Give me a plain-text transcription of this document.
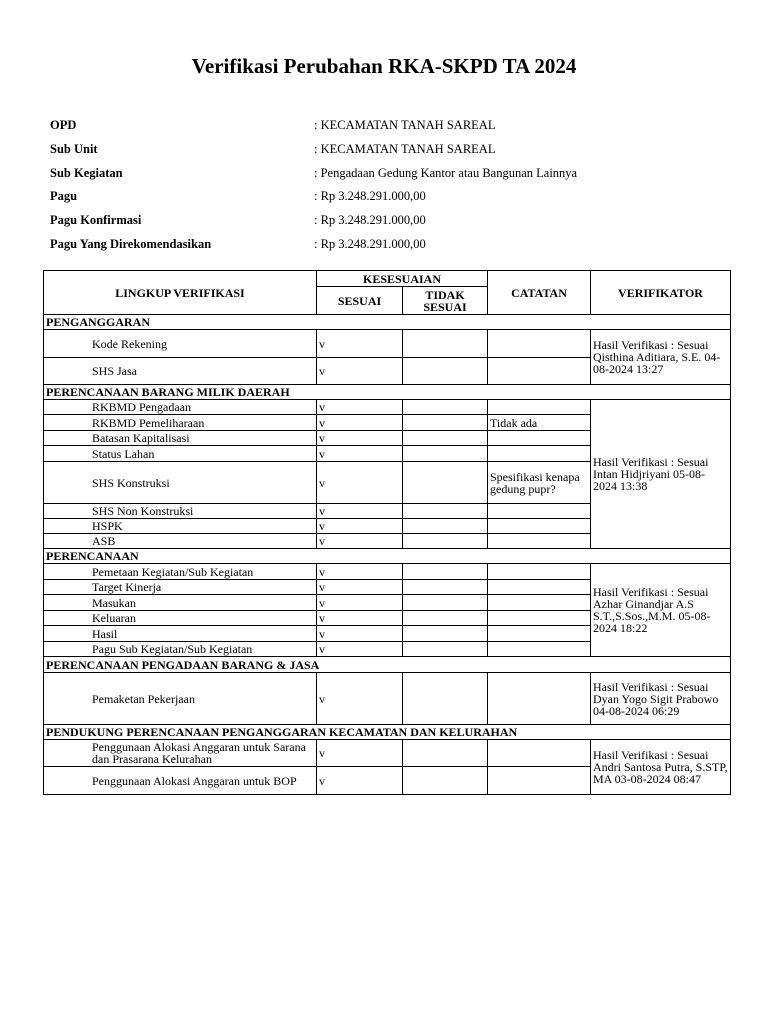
Verifikasi Perubahan RKA-SKPD TA 2024
OPD	: KECAMATAN TANAH SAREAL
Sub Unit	: KECAMATAN TANAH SAREAL
Sub Kegiatan	: Pengadaan Gedung Kantor atau Bangunan Lainnya
Pagu	: Rp 3.248.291.000,00
Pagu Konfirmasi	: Rp 3.248.291.000,00
Pagu Yang Direkomendasikan	: Rp 3.248.291.000,00
LINGKUP VERIFIKASI	KESESUAIAN		CATATAN	VERIFIKATOR
	SESUAI	TIDAK SESUAI		
PENGANGGARAN				
Kode Rekening	v			Hasil Verifikasi : Sesuai Qisthina Aditiara, S.E. 04-08-2024 13:27
SHS Jasa	v			
PERENCANAAN BARANG MILIK DAERAH				
RKBMD Pengadaan	v			Hasil Verifikasi : Sesuai Intan Hidjriyani 05-08-2024 13:38
RKBMD Pemeliharaan	v		Tidak ada	
Batasan Kapitalisasi	v			
Status Lahan	v			
SHS Konstruksi	v		Spesifikasi kenapa gedung pupr?	
SHS Non Konstruksi	v			
HSPK	v			
ASB	v			
PERENCANAAN				
Pemetaan Kegiatan/Sub Kegiatan	v			Hasil Verifikasi : Sesuai Azhar Ginandjar A.S S.T.,S.Sos.,M.M. 05-08-2024 18:22
Target Kinerja	v			
Masukan	v			
Keluaran	v			
Hasil	v			
Pagu Sub Kegiatan/Sub Kegiatan	v			
PERENCANAAN PENGADAAN BARANG & JASA				
Pemaketan Pekerjaan	v			Hasil Verifikasi : Sesuai Dyan Yogo Sigit Prabowo 04-08-2024 06:29
PENDUKUNG PERENCANAAN PENGANGGARAN KECAMATAN DAN KELURAHAN				
Penggunaan Alokasi Anggaran untuk Sarana dan Prasarana Kelurahan	v			Hasil Verifikasi : Sesuai Andri Santosa Putra, S.STP, MA 03-08-2024 08:47
Penggunaan Alokasi Anggaran untuk BOP	v			
